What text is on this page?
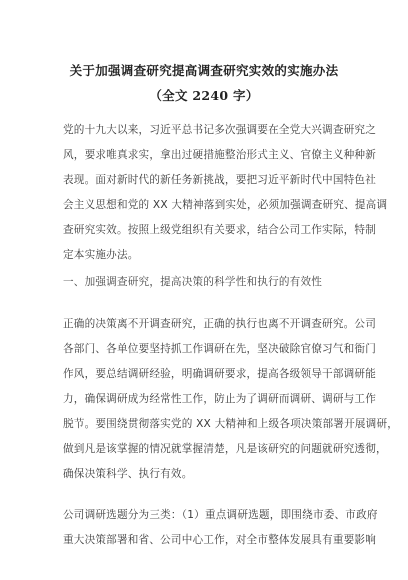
关于加强调查研究提高调查研究实效的实施办法
（全文 2240 字）
党的十九大以来，习近平总书记多次强调要在全党大兴调查研究之
风，要求唯真求实，拿出过硬措施整治形式主义、官僚主义种种新
表现。面对新时代的新任务新挑战，要把习近平新时代中国特色社
会主义思想和党的 XX 大精神落到实处，必须加强调查研究、提高调
查研究实效。按照上级党组织有关要求，结合公司工作实际，特制
定本实施办法。
一、加强调查研究，提高决策的科学性和执行的有效性
正确的决策离不开调查研究，正确的执行也离不开调查研究。公司
各部门、各单位要坚持抓工作调研在先，坚决破除官僚习气和衙门
作风，要总结调研经验，明确调研要求，提高各级领导干部调研能
力，确保调研成为经常性工作，防止为了调研而调研、调研与工作
脱节。要围绕贯彻落实党的 XX 大精神和上级各项决策部署开展调研，
做到凡是该掌握的情况就掌握清楚，凡是该研究的问题就研究透彻，
确保决策科学、执行有效。
公司调研选题分为三类：（1）重点调研选题，即围绕市委、市政府
重大决策部署和省、公司中心工作，对全市整体发展具有重要影响
